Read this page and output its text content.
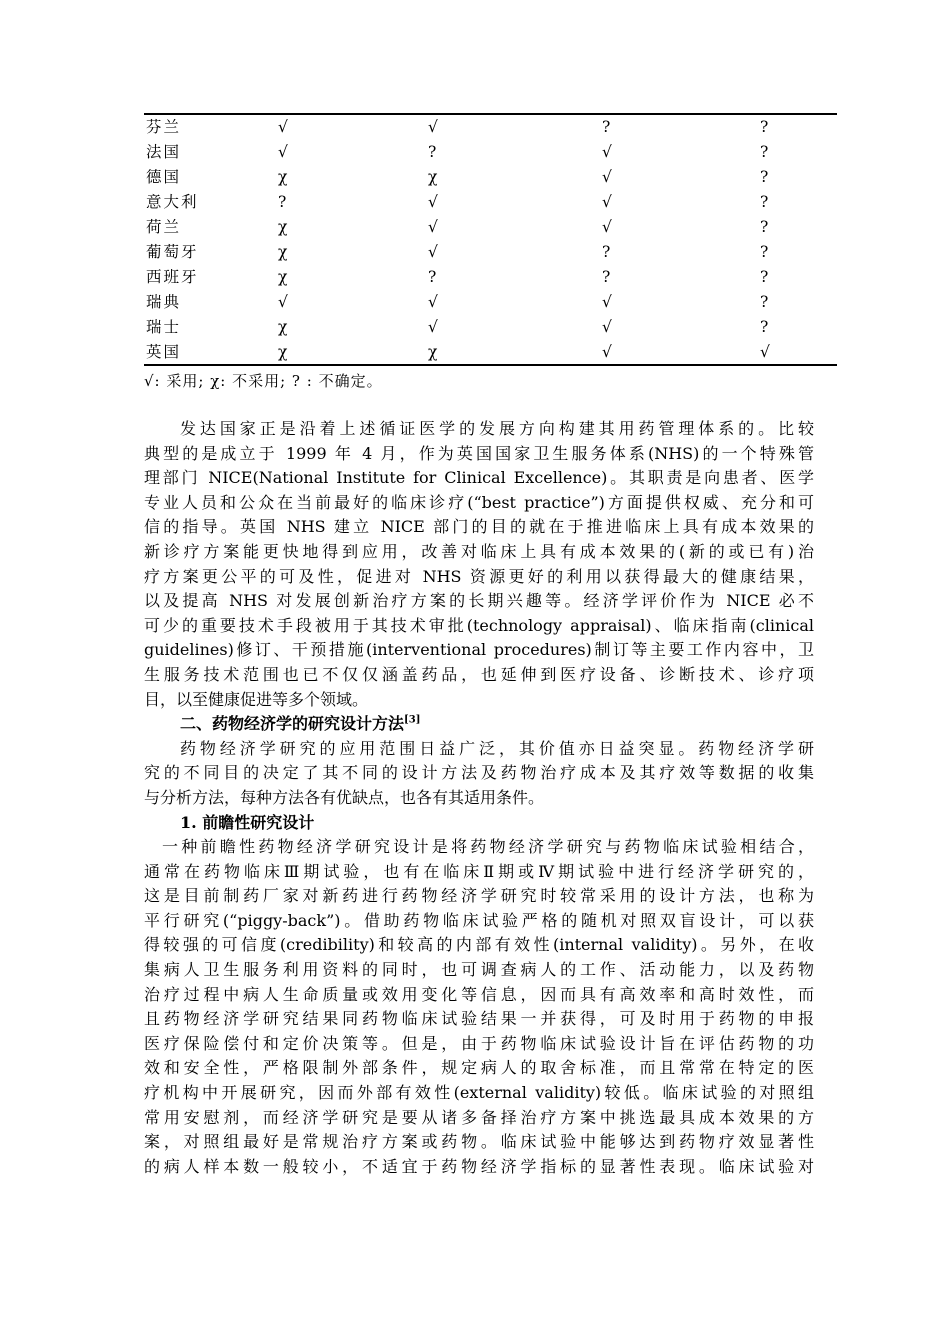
芬兰	√	√	?	?
法国	√	?	√	?
德国	χ	χ	√	?
意大利	?	√	√	?
荷兰	χ	√	√	?
葡萄牙	χ	√	?	?
西班牙	χ	?	?	?
瑞典	√	√	√	?
瑞士	χ	√	√	?
英国	χ	χ	√	√
√: 采用; χ: 不采用; ? : 不确定。
发达国家正是沿着上述循证医学的发展方向构建其用药管理体系的。比较
典型的是成立于 1999 年 4 月，作为英国国家卫生服务体系(NHS)的一个特殊管
理部门 NICE(National Institute for Clinical Excellence)。其职责是向患者、医学
专业人员和公众在当前最好的临床诊疗(“best practice”)方面提供权威、充分和可
信的指导。英国 NHS 建立 NICE 部门的目的就在于推进临床上具有成本效果的
新诊疗方案能更快地得到应用，改善对临床上具有成本效果的(新的或已有)治
疗方案更公平的可及性，促进对 NHS 资源更好的利用以获得最大的健康结果，
以及提高 NHS 对发展创新治疗方案的长期兴趣等。经济学评价作为 NICE 必不
可少的重要技术手段被用于其技术审批(technology appraisal)、临床指南(clinical
guidelines)修订、干预措施(interventional procedures)制订等主要工作内容中，卫
生服务技术范围也已不仅仅涵盖药品，也延伸到医疗设备、诊断技术、诊疗项
目，以至健康促进等多个领域。
二、药物经济学的研究设计方法[3]
药物经济学研究的应用范围日益广泛，其价值亦日益突显。药物经济学研
究的不同目的决定了其不同的设计方法及药物治疗成本及其疗效等数据的收集
与分析方法，每种方法各有优缺点，也各有其适用条件。
1. 前瞻性研究设计
一种前瞻性药物经济学研究设计是将药物经济学研究与药物临床试验相结合，
通常在药物临床Ⅲ期试验，也有在临床Ⅱ期或Ⅳ期试验中进行经济学研究的，
这是目前制药厂家对新药进行药物经济学研究时较常采用的设计方法，也称为
平行研究(“piggy-back”)。借助药物临床试验严格的随机对照双盲设计，可以获
得较强的可信度(credibility)和较高的内部有效性(internal validity)。另外，在收
集病人卫生服务利用资料的同时，也可调查病人的工作、活动能力，以及药物
治疗过程中病人生命质量或效用变化等信息，因而具有高效率和高时效性，而
且药物经济学研究结果同药物临床试验结果一并获得，可及时用于药物的申报
医疗保险偿付和定价决策等。但是，由于药物临床试验设计旨在评估药物的功
效和安全性，严格限制外部条件，规定病人的取舍标准，而且常常在特定的医
疗机构中开展研究，因而外部有效性(external validity)较低。临床试验的对照组
常用安慰剂，而经济学研究是要从诸多备择治疗方案中挑选最具成本效果的方
案，对照组最好是常规治疗方案或药物。临床试验中能够达到药物疗效显著性
的病人样本数一般较小，不适宜于药物经济学指标的显著性表现。临床试验对
